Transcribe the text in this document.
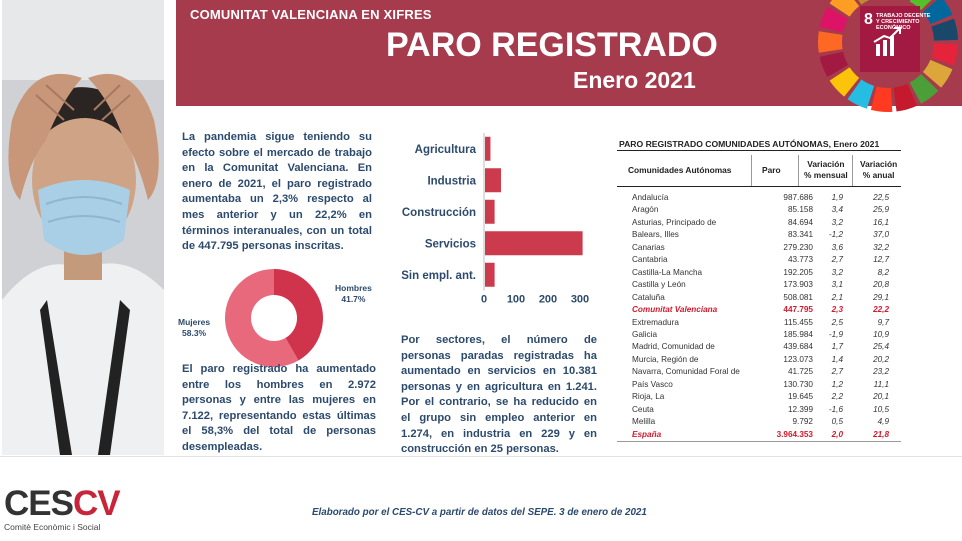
COMUNITAT VALENCIANA EN XIFRES
PARO REGISTRADO
Enero 2021
8 TRABAJO DECENTE Y CRECIMIENTO ECONÓMICO
La pandemia sigue teniendo su efecto sobre el mercado de trabajo en la Comunitat Valenciana. En enero de 2021, el paro registrado aumentaba un 2,3% respecto al mes anterior y un 22,2% en términos interanuales, con un total de 447.795 personas inscritas.
Hombres
41.7%
Mujeres
58.3%
El paro registrado ha aumentado entre los hombres en 2.972 personas y entre las mujeres en 7.122, representando estas últimas el 58,3% del total de personas desempleadas.
Agricultura
Industria
Construcción
Servicios
Sin empl. ant.
0 100 200 300
Por sectores, el número de personas paradas registradas ha aumentado en servicios en 10.381 personas y en agricultura en 1.241. Por el contrario, se ha reducido en el grupo sin empleo anterior en 1.274, en industria en 229 y en construcción en 25 personas.
PARO REGISTRADO COMUNIDADES AUTÓNOMAS, Enero 2021
Comunidades Autónomas	Paro
Variación
% mensual
Variación
% anual
Andalucía	987.686 1,9	22,5
Aragón	85.158 3,4	25,9
Asturias, Principado de	84.694 3,2	16,1
Balears, Illes	83.341 -1,2	37,0
Canarias	279.230 3,6	32,2
Cantabria	43.773 2,7	12,7
Castilla-La Mancha	192.205 3,2	8,2
Castilla y León	173.903 3,1	20,8
Cataluña	508.081 2,1	29,1
Comunitat Valenciana	447.795 2,3	22,2
Extremadura	115.455 2,5	9,7
Galicia	185.984 -1,9	10,9
Madrid, Comunidad de	439.684 1,7	25,4
Murcia, Región de	123.073 1,4	20,2
Navarra, Comunidad Foral de	41.725 2,7	23,2
País Vasco	130.730 1,2	11,1
Rioja, La	19.645 2,2	20,1
Ceuta	12.399 -1,6	10,5
Melilla	9.792 0,5	4,9
España	3.964.353 2,0	21,8
CESCV
Comitè Econòmic i Social
Elaborado por el CES-CV a partir de datos del SEPE. 3 de enero de 2021
